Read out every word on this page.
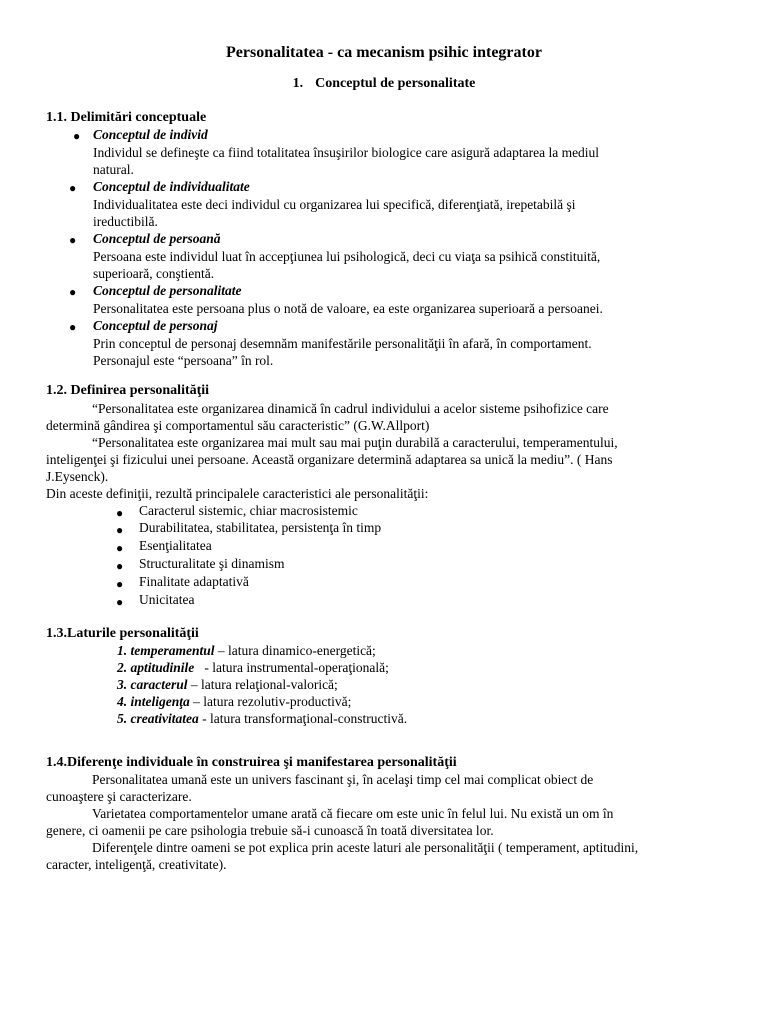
Personalitatea - ca mecanism psihic integrator
1. Conceptul de personalitate
1.1. Delimitări conceptuale
● Conceptul de individ
Individul se defineşte ca fiind totalitatea însuşirilor biologice care asigură adaptarea la mediul
natural.
● Conceptul de individualitate
Individualitatea este deci individul cu organizarea lui specifică, diferenţiată, irepetabilă şi
ireductibilă.
● Conceptul de persoană
Persoana este individul luat în accepţiunea lui psihologică, deci cu viaţa sa psihică constituită,
superioară, conştientă.
● Conceptul de personalitate
Personalitatea este persoana plus o notă de valoare, ea este organizarea superioară a persoanei.
● Conceptul de personaj
Prin conceptul de personaj desemnăm manifestările personalităţii în afară, în comportament.
Personajul este “persoana” în rol.
1.2. Definirea personalităţii
“Personalitatea este organizarea dinamică în cadrul individului a acelor sisteme psihofizice care
determină gândirea şi comportamentul său caracteristic” (G.W.Allport)
“Personalitatea este organizarea mai mult sau mai puţin durabilă a caracterului, temperamentului,
inteligenţei şi fizicului unei persoane. Această organizare determină adaptarea sa unică la mediu”. ( Hans
J.Eysenck).
Din aceste definiţii, rezultă principalele caracteristici ale personalităţii:
● Caracterul sistemic, chiar macrosistemic
● Durabilitatea, stabilitatea, persistenţa în timp
● Esenţialitatea
● Structuralitate şi dinamism
● Finalitate adaptativă
● Unicitatea
1.3.Laturile personalităţii
1. temperamentul – latura dinamico-energetică;
2. aptitudinile   - latura instrumental-operaţională;
3. caracterul – latura relaţional-valorică;
4. inteligenţa – latura rezolutiv-productivă;
5. creativitatea - latura transformaţional-constructivă.
1.4.Diferenţe individuale în construirea şi manifestarea personalităţii
Personalitatea umană este un univers fascinant şi, în acelaşi timp cel mai complicat obiect de
cunoaştere şi caracterizare.
Varietatea comportamentelor umane arată că fiecare om este unic în felul lui. Nu există un om în
genere, ci oamenii pe care psihologia trebuie să-i cunoască în toată diversitatea lor.
Diferenţele dintre oameni se pot explica prin aceste laturi ale personalităţii ( temperament, aptitudini,
caracter, inteligenţă, creativitate).
